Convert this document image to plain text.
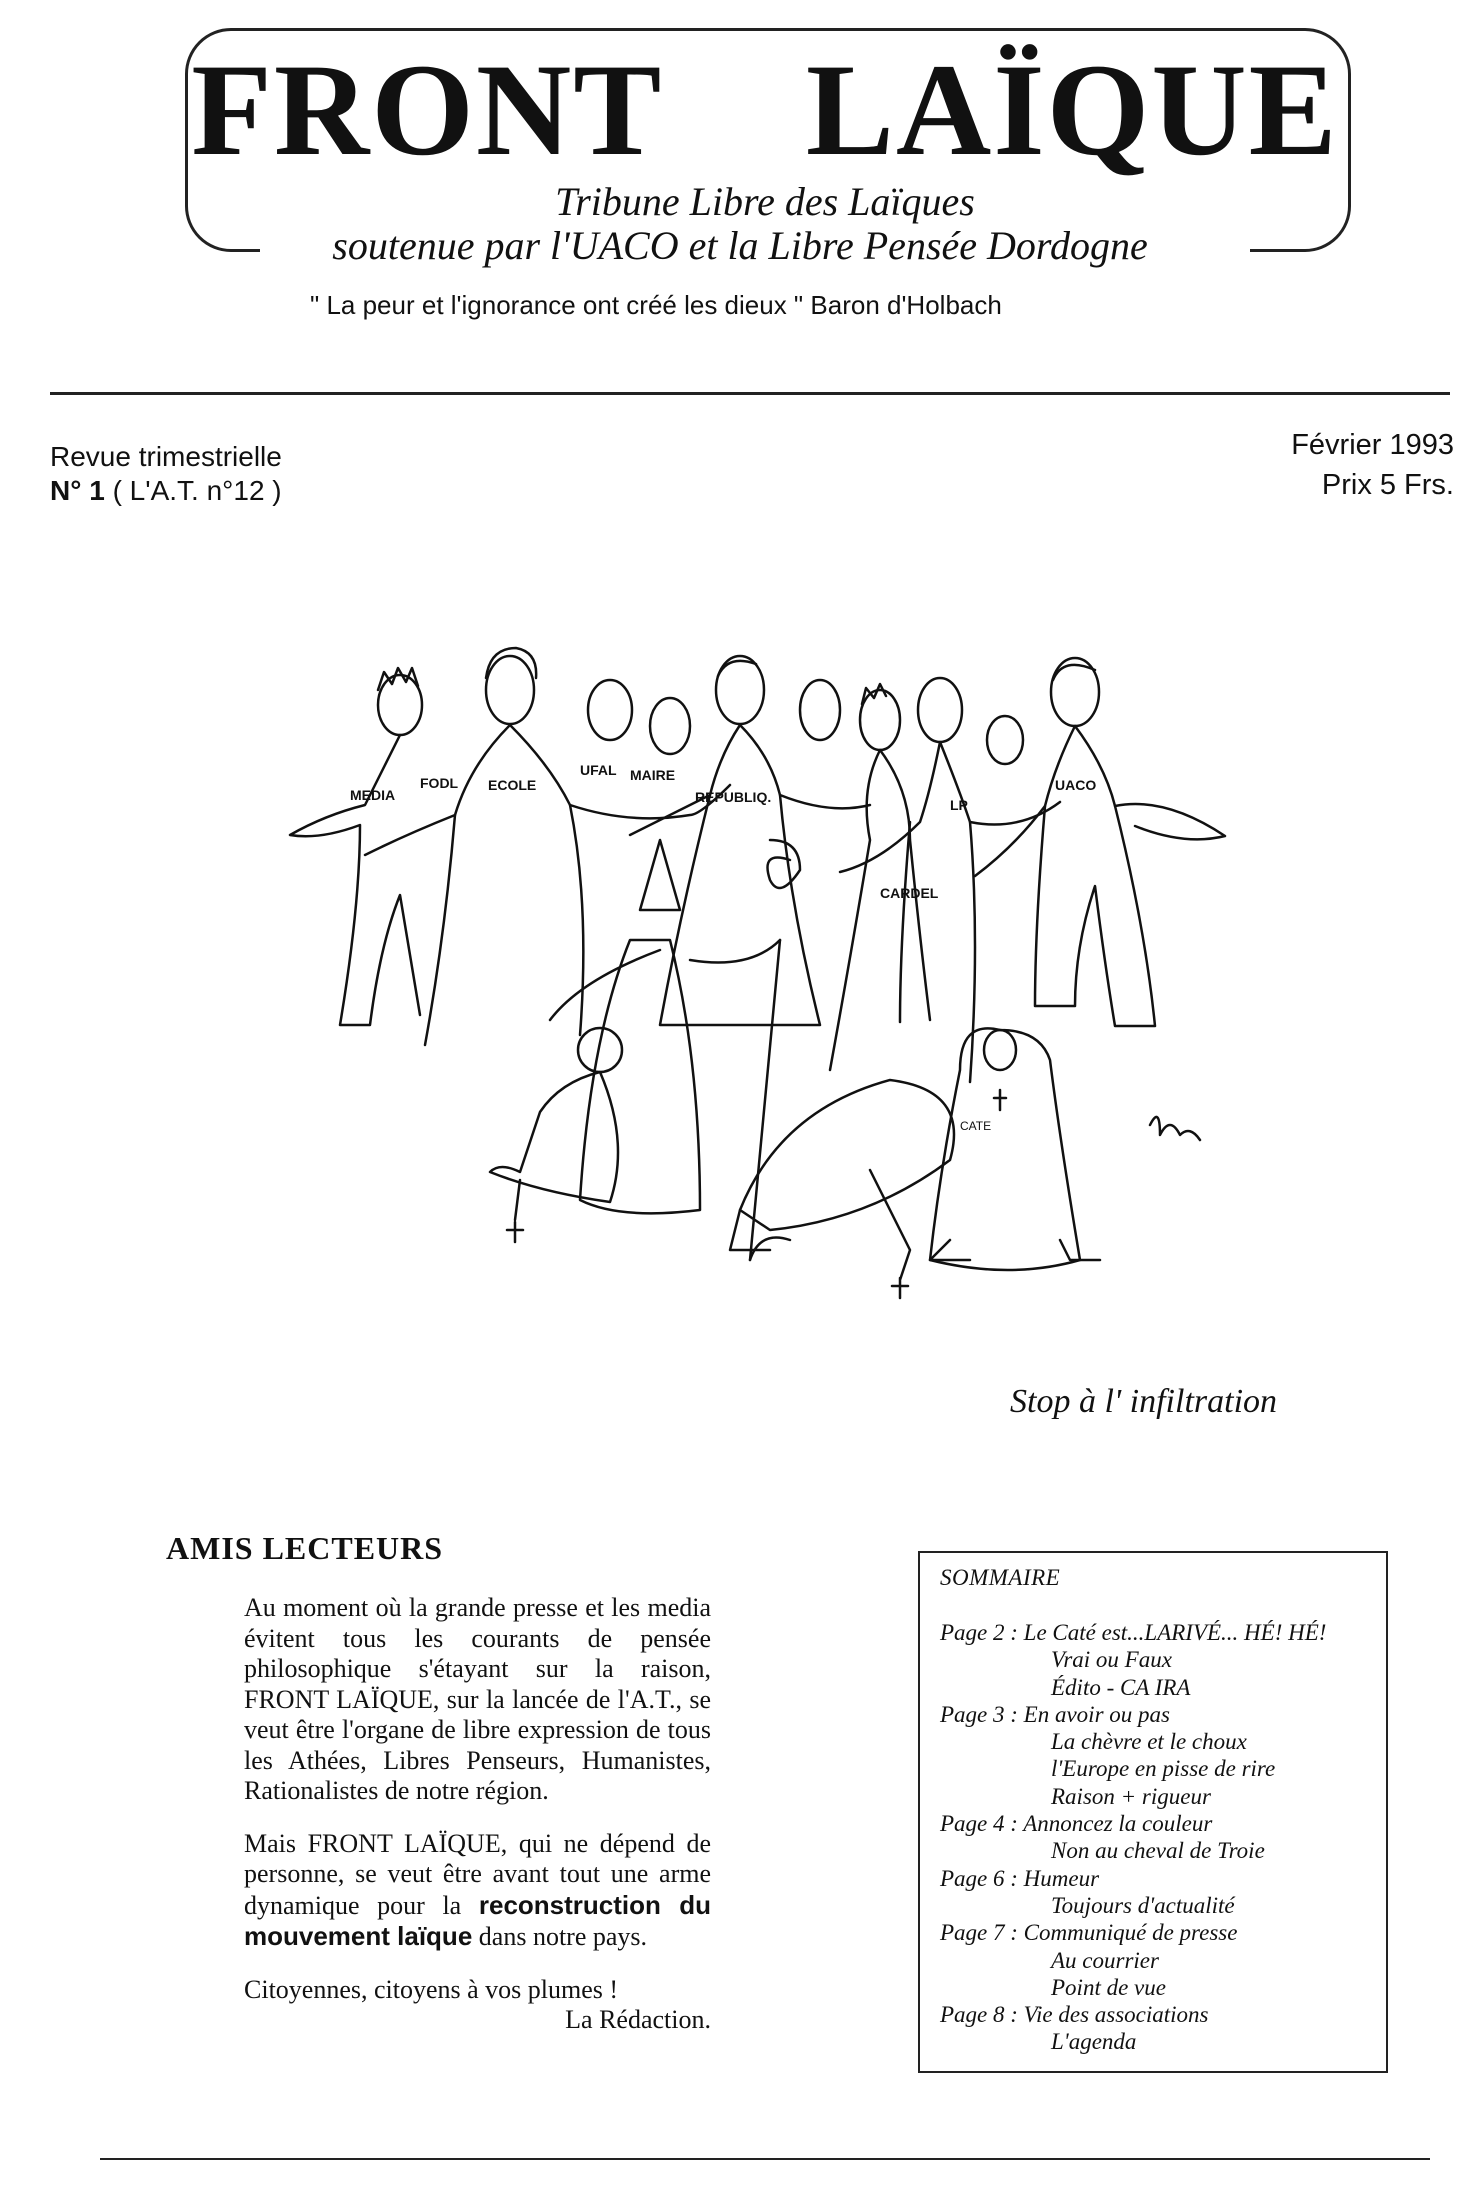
FRONT LAÏQUE
Tribune Libre des Laïques
soutenue par l'UACO et la Libre Pensée Dordogne
" La peur et l'ignorance ont créé les dieux " Baron d'Holbach
Revue trimestrielle
N° 1 ( L'A.T. n°12 )
Février 1993
Prix 5 Frs.
MEDIA
FODL ECOLE
UFAL MAIRE
REPUBLIQ.	LP
UACO
CARDEL
CATE
Stop à l' infiltration
AMIS LECTEURS

Au moment où la grande presse et les media évitent tous les courants de pensée philosophique s'étayant sur la raison, FRONT LAÏQUE, sur la lancée de l'A.T., se veut être l'organe de libre expression de tous les Athées, Libres Penseurs, Humanistes, Rationalistes de notre région.

Mais FRONT LAÏQUE, qui ne dépend de personne, se veut être avant tout une arme dynamique pour la reconstruction du mouvement laïque dans notre pays.

Citoyennes, citoyens à vos plumes !

La Rédaction.

SOMMAIRE
Page 2 : Le Caté est...LARIVÉ... HÉ! HÉ!
Vrai ou Faux
Édito - CA IRA
Page 3 : En avoir ou pas
La chèvre et le choux
l'Europe en pisse de rire
Raison + rigueur
Page 4 : Annoncez la couleur
Non au cheval de Troie
Page 6 : Humeur
Toujours d'actualité
Page 7 : Communiqué de presse
Au courrier
Point de vue
Page 8 : Vie des associations
L'agenda
